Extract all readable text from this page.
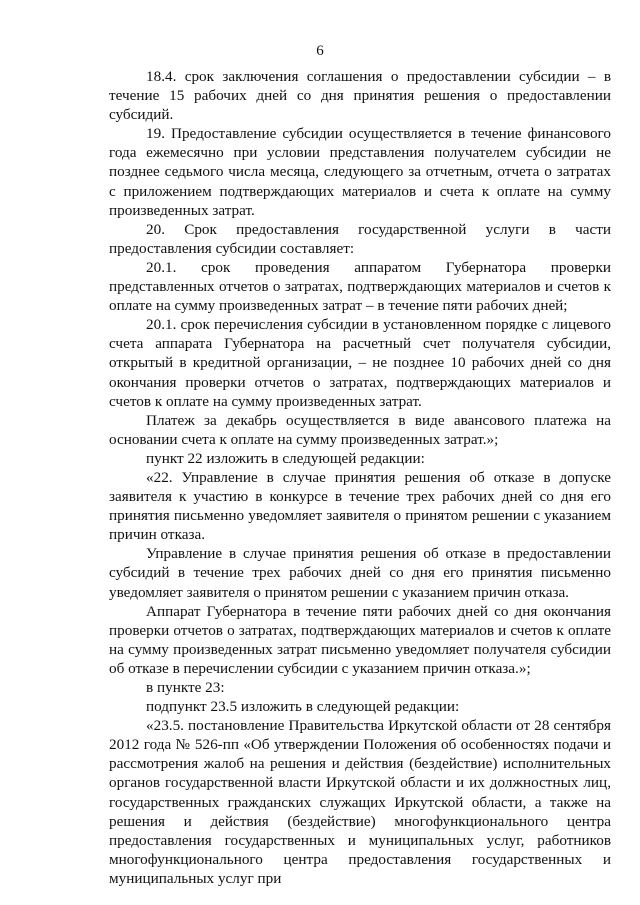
6

18.4. срок заключения соглашения о предоставлении субсидии – в течение 15 рабочих дней со дня принятия решения о предоставлении субсидий.

19. Предоставление субсидии осуществляется в течение финансового года ежемесячно при условии представления получателем субсидии не позднее седьмого числа месяца, следующего за отчетным, отчета о затратах с приложением подтверждающих материалов и счета к оплате на сумму произведенных затрат.

20. Срок предоставления государственной услуги в части предоставления субсидии составляет:

20.1. срок проведения аппаратом Губернатора проверки представленных отчетов о затратах, подтверждающих материалов и счетов к оплате на сумму произведенных затрат – в течение пяти рабочих дней;

20.1. срок перечисления субсидии в установленном порядке с лицевого счета аппарата Губернатора на расчетный счет получателя субсидии, открытый в кредитной организации, – не позднее 10 рабочих дней со дня окончания проверки отчетов о затратах, подтверждающих материалов и счетов к оплате на сумму произведенных затрат.

Платеж за декабрь осуществляется в виде авансового платежа на основании счета к оплате на сумму произведенных затрат.»;

пункт 22 изложить в следующей редакции:

«22. Управление в случае принятия решения об отказе в допуске заявителя к участию в конкурсе в течение трех рабочих дней со дня его принятия письменно уведомляет заявителя о принятом решении с указанием причин отказа.

Управление в случае принятия решения об отказе в предоставлении субсидий в течение трех рабочих дней со дня его принятия письменно уведомляет заявителя о принятом решении с указанием причин отказа.

Аппарат Губернатора в течение пяти рабочих дней со дня окончания проверки отчетов о затратах, подтверждающих материалов и счетов к оплате на сумму произведенных затрат письменно уведомляет получателя субсидии об отказе в перечислении субсидии с указанием причин отказа.»;

в пункте 23:

подпункт 23.5 изложить в следующей редакции:

«23.5. постановление Правительства Иркутской области от 28 сентября 2012 года № 526-пп «Об утверждении Положения об особенностях подачи и рассмотрения жалоб на решения и действия (бездействие) исполнительных органов государственной власти Иркутской области и их должностных лиц, государственных гражданских служащих Иркутской области, а также на решения и действия (бездействие) многофункционального центра предоставления государственных и муниципальных услуг, работников многофункционального центра предоставления государственных и муниципальных услуг при
